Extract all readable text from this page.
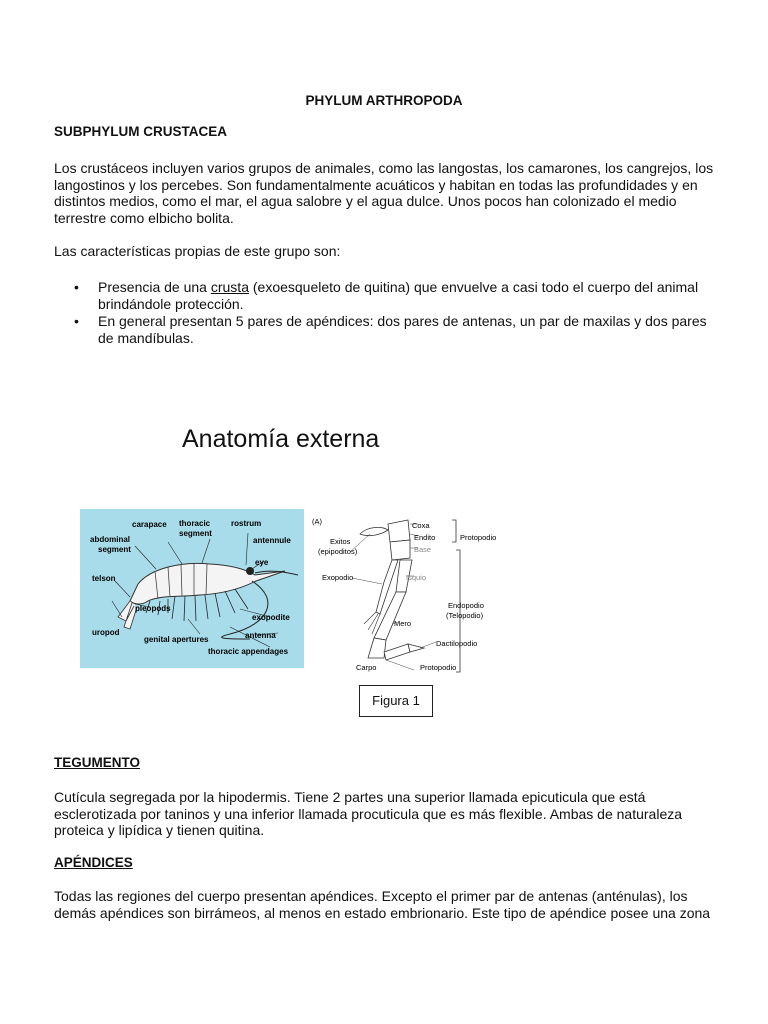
PHYLUM ARTHROPODA
SUBPHYLUM CRUSTACEA

Los crustáceos incluyen varios grupos de animales, como las langostas, los camarones, los cangrejos, los

langostinos y los percebes. Son fundamentalmente acuáticos y habitan en todas las profundidades y en

distintos medios, como el mar, el agua salobre y el agua dulce. Unos pocos han colonizado el medio

terrestre como elbicho bolita.

Las características propias de este grupo son:
• Presencia de una crusta (exoesqueleto de quitina) que envuelve a casi todo el cuerpo del animal

brindándole protección.

• En general presentan 5 pares de apéndices: dos pares de antenas, un par de maxilas y dos pares

de mandíbulas.

Anatomía externa
carapace thoracic
segment
rostrum
abdominal
segment
antennule
eye
telson
pleopods
uropod
genital apertures
exopodite
antenna
thoracic appendages
(A)	Coxa
Endito	Protopodio
Base
Exitos
(epipoditos)
Exopodio	Isquio
Endopodio
(Telopodio)
Mero
Dactilopodio
Carpo	Protopodio
Figura 1
TEGUMENTO

Cutícula segregada por la hipodermis. Tiene 2 partes una superior llamada epicuticula que está

esclerotizada por taninos y una inferior llamada procuticula que es más flexible. Ambas de naturaleza

proteica y lipídica y tienen quitina.

APÉNDICES

Todas las regiones del cuerpo presentan apéndices. Excepto el primer par de antenas (anténulas), los

demás apéndices son birrámeos, al menos en estado embrionario. Este tipo de apéndice posee una zona
